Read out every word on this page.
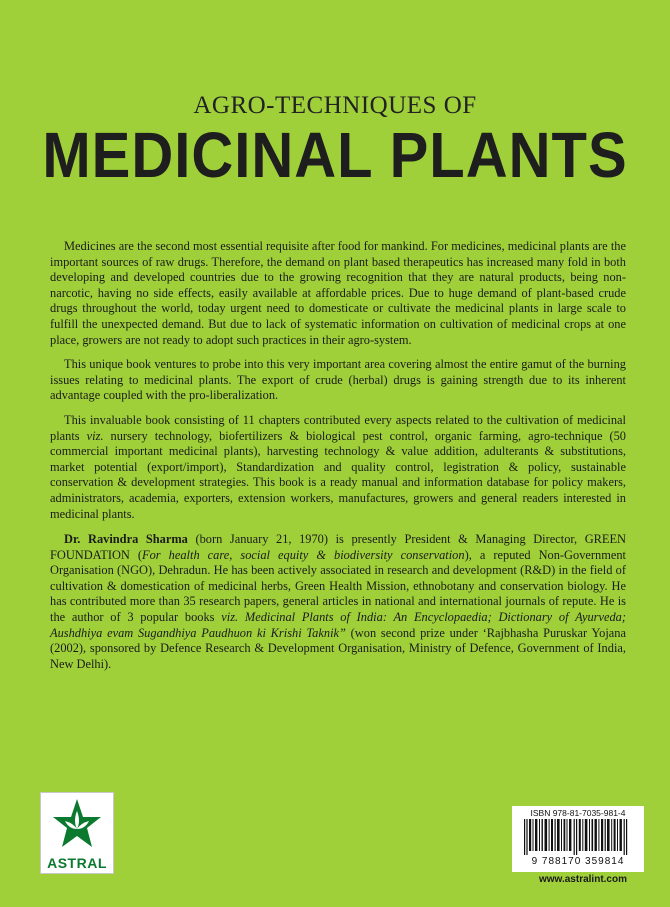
AGRO-TECHNIQUES OF
MEDICINAL PLANTS

Medicines are the second most essential requisite after food for mankind. For medicines, medicinal plants are the important sources of raw drugs. Therefore, the demand on plant based therapeutics has increased many fold in both developing and developed countries due to the growing recognition that they are natural products, being non-narcotic, having no side effects, easily available at affordable prices. Due to huge demand of plant-based crude drugs throughout the world, today urgent need to domesticate or cultivate the medicinal plants in large scale to fulfill the unexpected demand. But due to lack of systematic information on cultivation of medicinal crops at one place, growers are not ready to adopt such practices in their agro-system.

This unique book ventures to probe into this very important area covering almost the entire gamut of the burning issues relating to medicinal plants. The export of crude (herbal) drugs is gaining strength due to its inherent advantage coupled with the pro-liberalization.

This invaluable book consisting of 11 chapters contributed every aspects related to the cultivation of medicinal plants viz. nursery technology, biofertilizers & biological pest control, organic farming, agro-technique (50 commercial important medicinal plants), harvesting technology & value addition, adulterants & substitutions, market potential (export/import), Standardization and quality control, legistration & policy, sustainable conservation & development strategies. This book is a ready manual and information database for policy makers, administrators, academia, exporters, extension workers, manufactures, growers and general readers interested in medicinal plants.

Dr. Ravindra Sharma (born January 21, 1970) is presently President & Managing Director, GREEN FOUNDATION (For health care, social equity & biodiversity conservation), a reputed Non-Government Organisation (NGO), Dehradun. He has been actively associated in research and development (R&D) in the field of cultivation & domestication of medicinal herbs, Green Health Mission, ethnobotany and conservation biology. He has contributed more than 35 research papers, general articles in national and international journals of repute. He is the author of 3 popular books viz. Medicinal Plants of India: An Encyclopaedia; Dictionary of Ayurveda; Aushdhiya evam Sugandhiya Paudhuon ki Krishi Taknik” (won second prize under ‘Rajbhasha Puruskar Yojana (2002), sponsored by Defence Research & Development Organisation, Ministry of Defence, Government of India, New Delhi).

ASTRAL
ISBN 978-81-7035-981-4
9 788170 359814
www.astralint.com
